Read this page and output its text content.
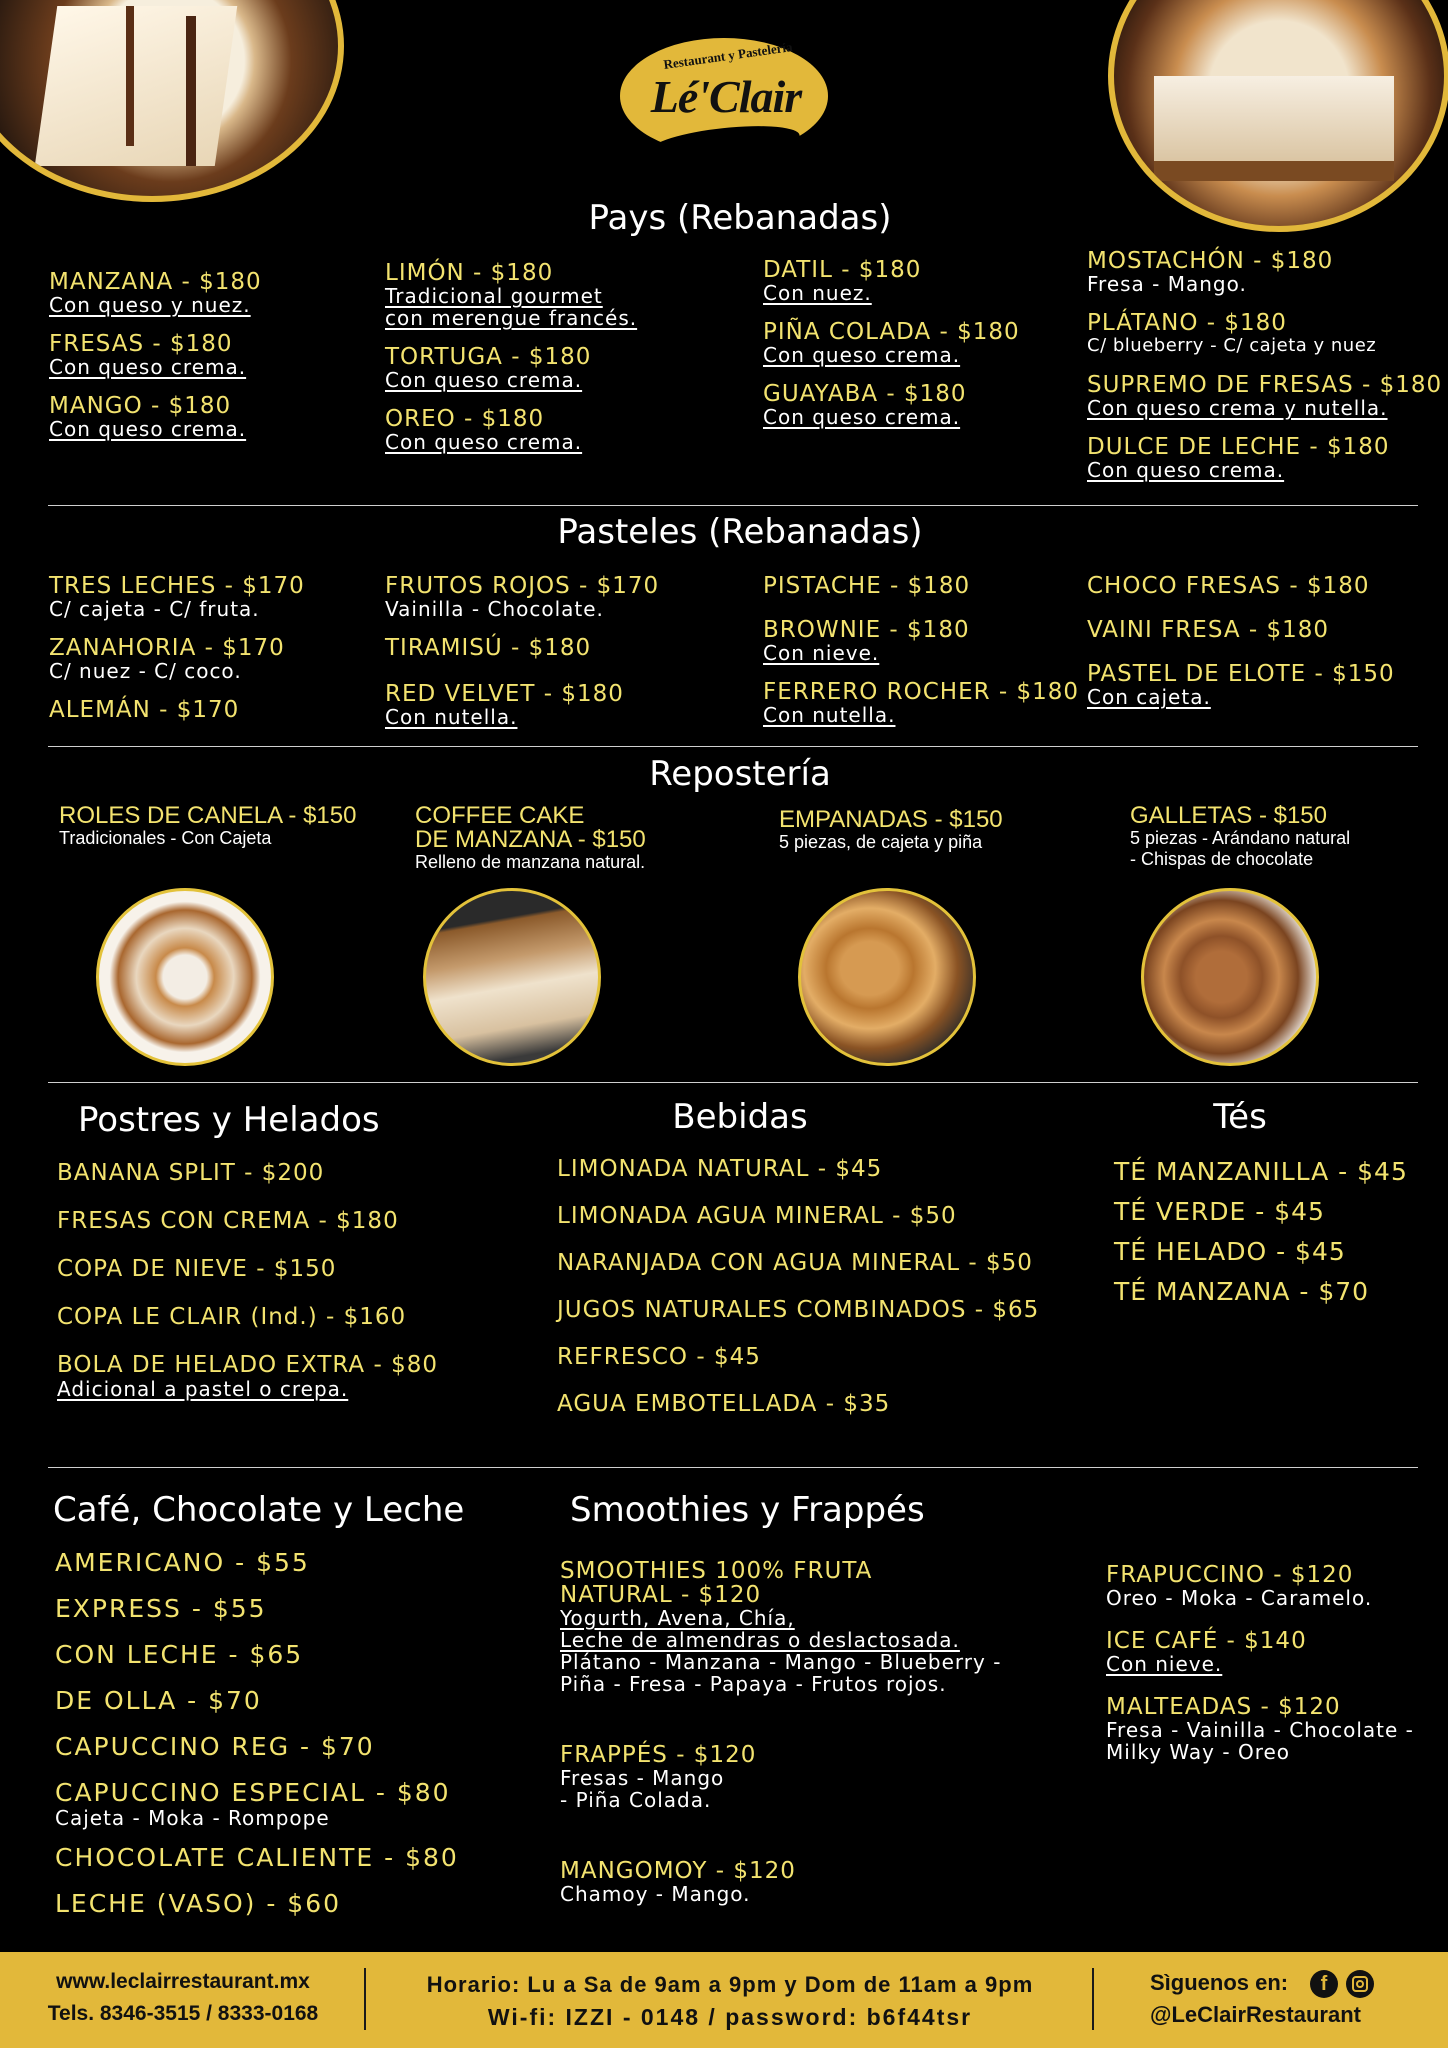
Restaurant y Pastelería
Lé'Clair
Pays (Rebanadas)
MANZANA - $180
Con queso y nuez.
FRESAS - $180
Con queso crema.
MANGO - $180
Con queso crema.
LIMÓN - $180
Tradicional gourmet
con merengue francés.
TORTUGA - $180
Con queso crema.
OREO - $180
Con queso crema.
DATIL - $180
Con nuez.
PIÑA COLADA - $180
Con queso crema.
GUAYABA - $180
Con queso crema.
MOSTACHÓN - $180
Fresa - Mango.
PLÁTANO - $180
C/ blueberry - C/ cajeta y nuez
SUPREMO DE FRESAS - $180
Con queso crema y nutella.
DULCE DE LECHE - $180
Con queso crema.
Pasteles (Rebanadas)
TRES LECHES - $170
C/ cajeta - C/ fruta.
ZANAHORIA - $170
C/ nuez - C/ coco.
ALEMÁN - $170
FRUTOS ROJOS - $170
Vainilla - Chocolate.
TIRAMISÚ - $180
RED VELVET - $180
Con nutella.
PISTACHE - $180
BROWNIE - $180
Con nieve.
FERRERO ROCHER - $180
Con nutella.
CHOCO FRESAS - $180
VAINI FRESA - $180
PASTEL DE ELOTE - $150
Con cajeta.
Repostería
ROLES DE CANELA - $150
Tradicionales - Con Cajeta
COFFEE CAKE
DE MANZANA - $150
Relleno de manzana natural.
EMPANADAS - $150
5 piezas, de cajeta y piña
GALLETAS - $150
5 piezas - Arándano natural
- Chispas de chocolate
Postres y Helados	Bebidas	Tés
BANANA SPLIT - $200
FRESAS CON CREMA - $180
COPA DE NIEVE - $150
COPA LE CLAIR (Ind.) - $160
BOLA DE HELADO EXTRA - $80
Adicional a pastel o crepa.
LIMONADA NATURAL - $45
LIMONADA AGUA MINERAL - $50
NARANJADA CON AGUA MINERAL - $50
JUGOS NATURALES COMBINADOS - $65
REFRESCO - $45
AGUA EMBOTELLADA - $35
TÉ MANZANILLA - $45
TÉ VERDE - $45
TÉ HELADO - $45
TÉ MANZANA - $70
Café, Chocolate y Leche	Smoothies y Frappés
AMERICANO - $55
EXPRESS - $55
CON LECHE - $65
DE OLLA - $70
CAPUCCINO REG - $70
CAPUCCINO ESPECIAL - $80
Cajeta - Moka - Rompope
CHOCOLATE CALIENTE - $80
LECHE (VASO) - $60
SMOOTHIES 100% FRUTA
NATURAL - $120
Yogurth, Avena, Chía,
Leche de almendras o deslactosada.
Plátano - Manzana - Mango - Blueberry -
Piña - Fresa - Papaya - Frutos rojos.
FRAPPÉS - $120
Fresas - Mango
- Piña Colada.
MANGOMOY - $120
Chamoy - Mango.
FRAPUCCINO - $120
Oreo - Moka - Caramelo.
ICE CAFÉ - $140
Con nieve.
MALTEADAS - $120
Fresa - Vainilla - Chocolate -
Milky Way - Oreo
www.leclairrestaurant.mx
Tels. 8346-3515 / 8333-0168
Horario: Lu a Sa de 9am a 9pm y Dom de 11am a 9pm
Wi-fi: IZZI - 0148 / password: b6f44tsr
Sìguenos en:	f
@LeClairRestaurant
